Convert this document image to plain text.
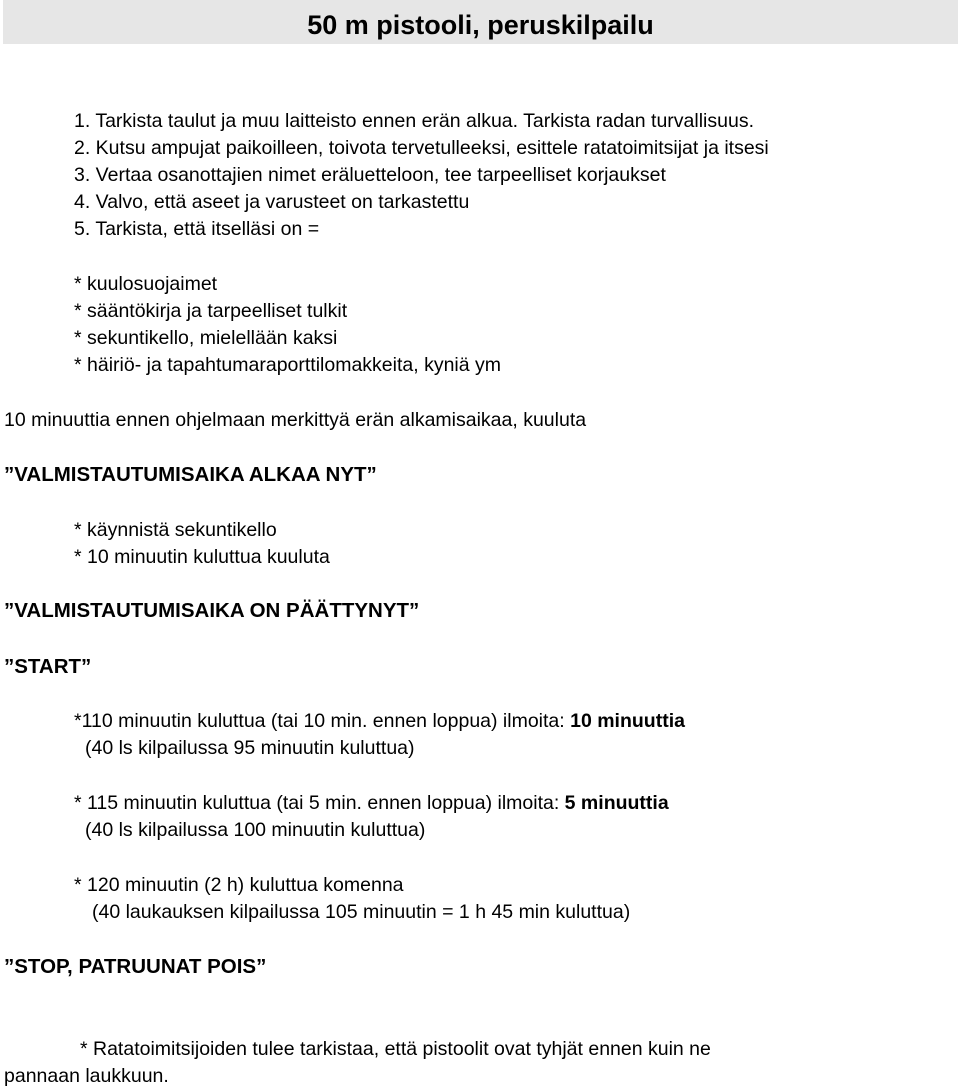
50 m pistooli, peruskilpailu
1. Tarkista taulut ja muu laitteisto ennen erän alkua. Tarkista radan turvallisuus.
2. Kutsu ampujat paikoilleen, toivota tervetulleeksi, esittele ratatoimitsijat ja itsesi
3. Vertaa osanottajien nimet eräluetteloon, tee tarpeelliset korjaukset
4. Valvo, että aseet ja varusteet on tarkastettu
5. Tarkista, että itselläsi on =
* kuulosuojaimet
* sääntökirja ja tarpeelliset tulkit
* sekuntikello, mielellään kaksi
* häiriö- ja tapahtumaraporttilomakkeita, kyniä ym
10 minuuttia ennen ohjelmaan merkittyä erän alkamisaikaa, kuuluta
”VALMISTAUTUMISAIKA ALKAA NYT”
* käynnistä sekuntikello
* 10 minuutin kuluttua kuuluta
”VALMISTAUTUMISAIKA ON PÄÄTTYNYT”
”START”
*110 minuutin kuluttua (tai 10 min. ennen loppua) ilmoita: 10 minuuttia
(40 ls kilpailussa 95 minuutin kuluttua)
* 115 minuutin kuluttua (tai 5 min. ennen loppua) ilmoita: 5 minuuttia
(40 ls kilpailussa 100 minuutin kuluttua)
* 120 minuutin (2 h) kuluttua komenna
(40 laukauksen kilpailussa 105 minuutin = 1 h 45 min kuluttua)
”STOP, PATRUUNAT POIS”
* Ratatoimitsijoiden tulee tarkistaa, että pistoolit ovat tyhjät ennen kuin ne
pannaan laukkuun.
